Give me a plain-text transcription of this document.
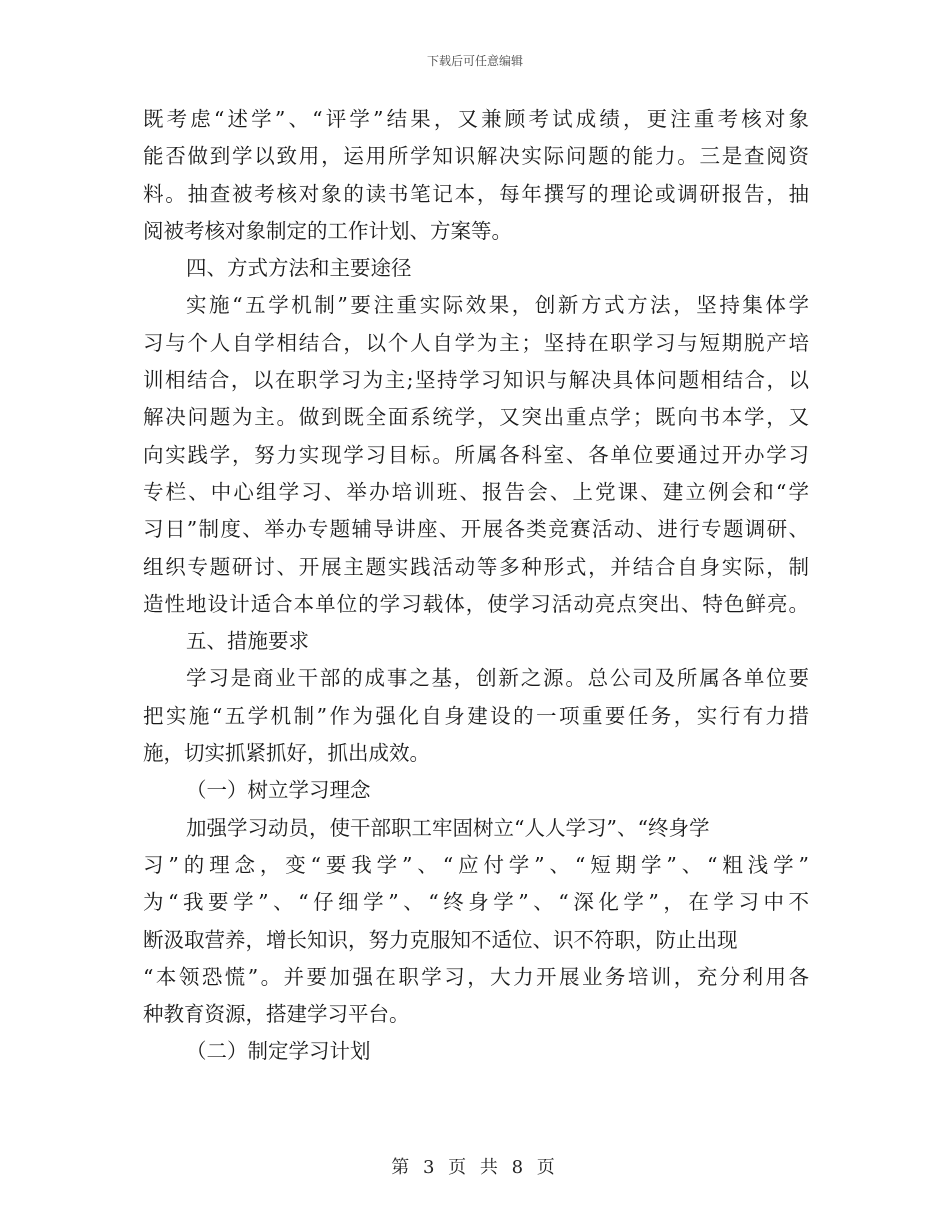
下载后可任意编辑
既考虑“述学”、“评学”结果，又兼顾考试成绩，更注重考核对象
能否做到学以致用，运用所学知识解决实际问题的能力。三是查阅资
料。抽查被考核对象的读书笔记本，每年撰写的理论或调研报告，抽
阅被考核对象制定的工作计划、方案等。
四、方式方法和主要途径
实施“五学机制”要注重实际效果，创新方式方法，坚持集体学
习与个人自学相结合，以个人自学为主；坚持在职学习与短期脱产培
训相结合，以在职学习为主;坚持学习知识与解决具体问题相结合，以
解决问题为主。做到既全面系统学，又突出重点学；既向书本学，又
向实践学，努力实现学习目标。所属各科室、各单位要通过开办学习
专栏、中心组学习、举办培训班、报告会、上党课、建立例会和“学
习日”制度、举办专题辅导讲座、开展各类竞赛活动、进行专题调研、
组织专题研讨、开展主题实践活动等多种形式，并结合自身实际，制
造性地设计适合本单位的学习载体，使学习活动亮点突出、特色鲜亮。
五、措施要求
学习是商业干部的成事之基，创新之源。总公司及所属各单位要
把实施“五学机制”作为强化自身建设的一项重要任务，实行有力措
施，切实抓紧抓好，抓出成效。
（一）树立学习理念
加强学习动员，使干部职工牢固树立“人人学习”、“终身学
习”的理念，变“要我学”、“应付学”、“短期学”、“粗浅学”
为“我要学”、“仔细学”、“终身学”、“深化学”，在学习中不
断汲取营养，增长知识，努力克服知不适位、识不符职，防止出现
“本领恐慌”。并要加强在职学习，大力开展业务培训，充分利用各
种教育资源，搭建学习平台。
（二）制定学习计划
第 3 页 共 8 页
